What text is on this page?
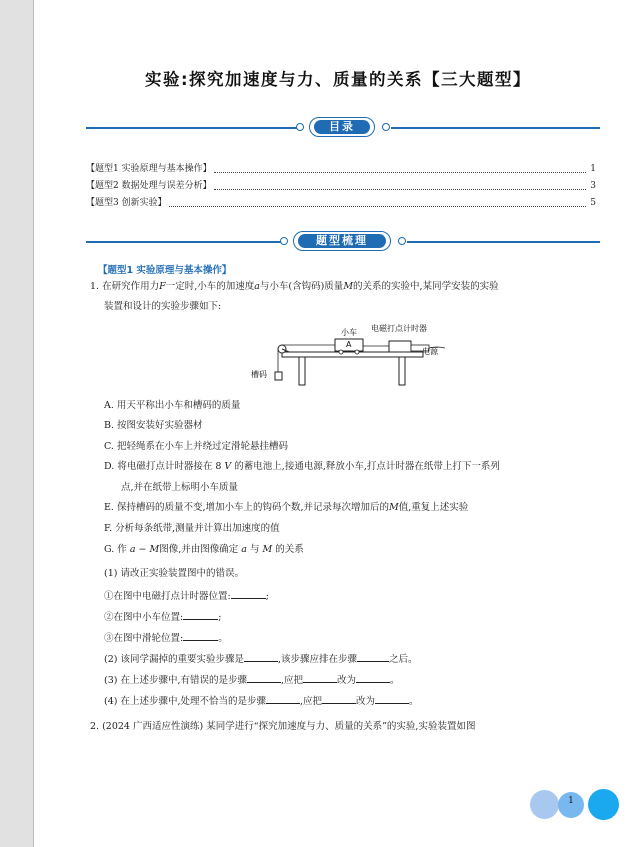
实验:探究加速度与力、质量的关系【三大题型】
目录
【题型1 实验原理与基本操作】	1
【题型2 数据处理与误差分析】	3
【题型3 创新实验】	5
题型梳理
【题型1 实验原理与基本操作】
1. 在研究作用力F一定时,小车的加速度a与小车(含钩码)质量M的关系的实验中,某同学安装的实验
装置和设计的实验步骤如下:
小车 电磁打点计时器
A
电源
槽码
A. 用天平称出小车和槽码的质量
B. 按图安装好实验器材
C. 把轻绳系在小车上并绕过定滑轮悬挂槽码
D. 将电磁打点计时器接在 8 V 的蓄电池上,接通电源,释放小车,打点计时器在纸带上打下一系列
点,并在纸带上标明小车质量
E. 保持槽码的质量不变,增加小车上的钩码个数,并记录每次增加后的M值,重复上述实验
F. 分析每条纸带,测量并计算出加速度的值
G. 作 a − M图像,并由图像确定 a 与 M 的关系
(1) 请改正实验装置图中的错误。
①在图中电磁打点计时器位置:	;
②在图中小车位置:	;
③在图中滑轮位置:	。
(2) 该同学漏掉的重要实验步骤是	,该步骤应排在步骤	之后。
(3) 在上述步骤中,有错误的是步骤	,应把	改为	。
(4) 在上述步骤中,处理不恰当的是步骤	,应把	改为	。
2. (2024 广西适应性演练) 某同学进行“探究加速度与力、质量的关系”的实验,实验装置如图
1
